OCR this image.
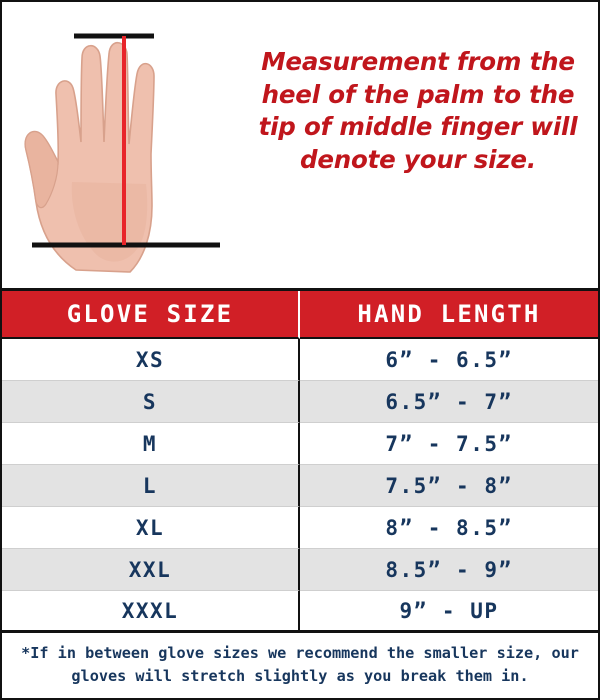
Measurement from the heel of the palm to the tip of middle finger will denote your size.
GLOVE SIZE	HAND LENGTH
XS	6” - 6.5”
S	6.5” - 7”
M	7” - 7.5”
L	7.5” - 8”
XL	8” - 8.5”
XXL	8.5” - 9”
XXXL	9” - UP
*If in between glove sizes we recommend the smaller size, our gloves will stretch slightly as you break them in.
